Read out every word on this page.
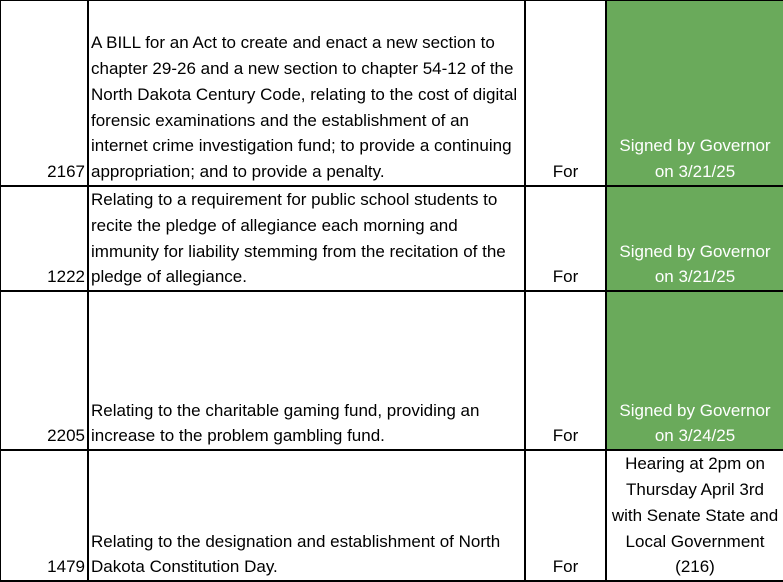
2167	A BILL for an Act to create and enact a new section to chapter 29-26 and a new section to chapter 54-12 of the North Dakota Century Code, relating to the cost of digital forensic examinations and the establishment of an internet crime investigation fund; to provide a continuing appropriation; and to provide a penalty.	For	Signed by Governor on 3/21/25
1222	Relating to a requirement for public school students to recite the pledge of allegiance each morning and immunity for liability stemming from the recitation of the pledge of allegiance.	For	Signed by Governor on 3/21/25
2205	Relating to the charitable gaming fund, providing an increase to the problem gambling fund.	For	Signed by Governor on 3/24/25
1479	Relating to the designation and establishment of North Dakota Constitution Day.	For	Hearing at 2pm on Thursday April 3rd with Senate State and Local Government (216)
